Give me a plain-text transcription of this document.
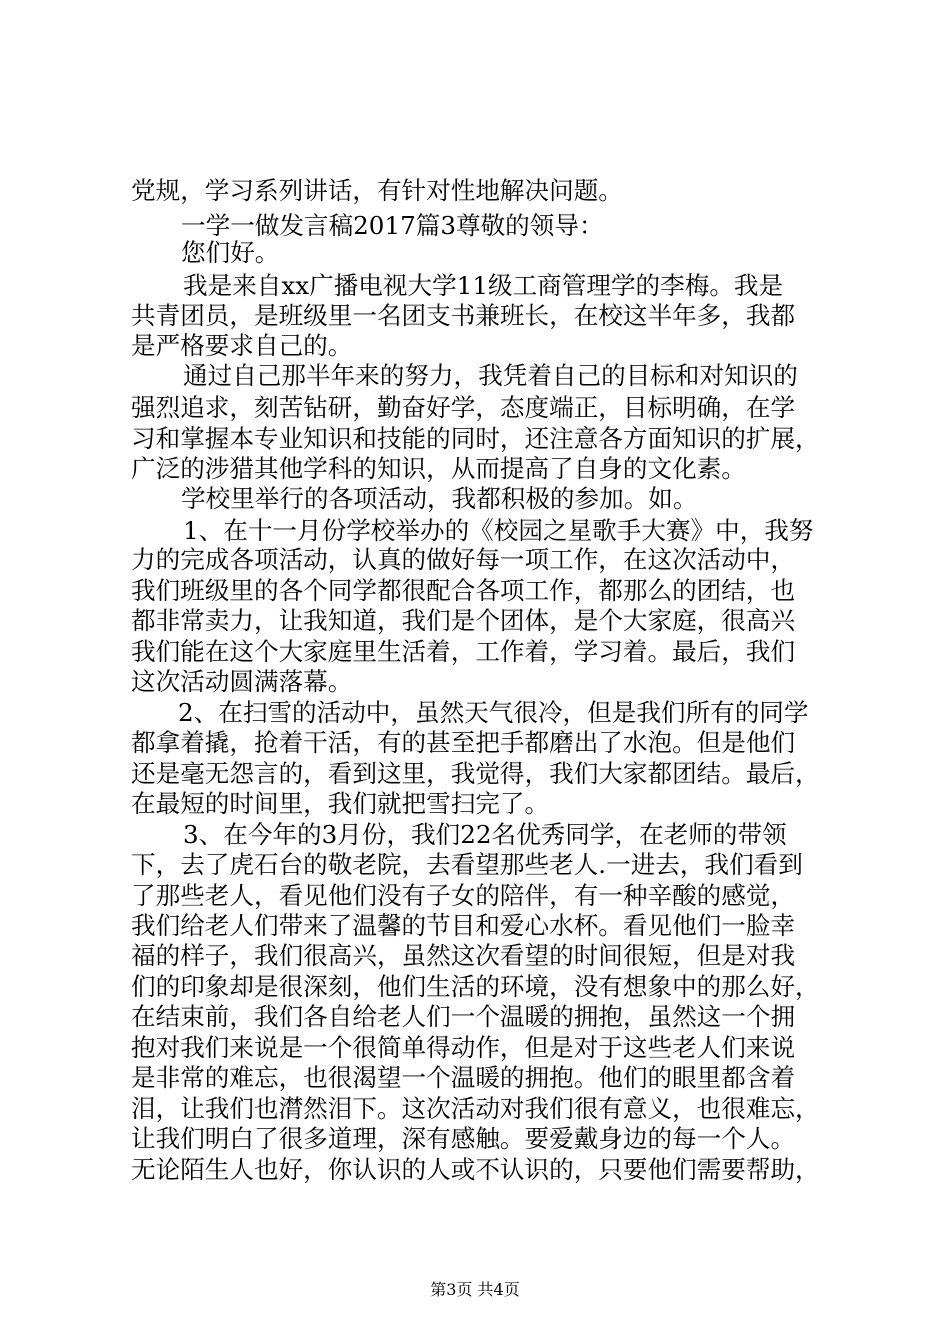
党规，学习系列讲话，有针对性地解决问题。
一学一做发言稿2017篇3尊敬的领导：
您们好。
我是来自xx广播电视大学11级工商管理学的李梅。我是
共青团员，是班级里一名团支书兼班长，在校这半年多，我都
是严格要求自己的。
通过自己那半年来的努力，我凭着自己的目标和对知识的
强烈追求，刻苦钻研，勤奋好学，态度端正，目标明确，在学
习和掌握本专业知识和技能的同时，还注意各方面知识的扩展，
广泛的涉猎其他学科的知识，从而提高了自身的文化素。
学校里举行的各项活动，我都积极的参加。如。
1、在十一月份学校举办的《校园之星歌手大赛》中，我努
力的完成各项活动，认真的做好每一项工作，在这次活动中，
我们班级里的各个同学都很配合各项工作，都那么的团结，也
都非常卖力，让我知道，我们是个团体，是个大家庭，很高兴
我们能在这个大家庭里生活着，工作着，学习着。最后，我们
这次活动圆满落幕。
2、在扫雪的活动中，虽然天气很冷，但是我们所有的同学
都拿着撬，抢着干活，有的甚至把手都磨出了水泡。但是他们
还是毫无怨言的，看到这里，我觉得，我们大家都团结。最后，
在最短的时间里，我们就把雪扫完了。
3、在今年的3月份，我们22名优秀同学，在老师的带领
下，去了虎石台的敬老院，去看望那些老人.一进去，我们看到
了那些老人，看见他们没有子女的陪伴，有一种辛酸的感觉，
我们给老人们带来了温馨的节目和爱心水杯。看见他们一脸幸
福的样子，我们很高兴，虽然这次看望的时间很短，但是对我
们的印象却是很深刻，他们生活的环境，没有想象中的那么好，
在结束前，我们各自给老人们一个温暖的拥抱，虽然这一个拥
抱对我们来说是一个很简单得动作，但是对于这些老人们来说
是非常的难忘，也很渴望一个温暖的拥抱。他们的眼里都含着
泪，让我们也潸然泪下。这次活动对我们很有意义，也很难忘，
让我们明白了很多道理，深有感触。要爱戴身边的每一个人。
无论陌生人也好，你认识的人或不认识的，只要他们需要帮助，
第3页 共4页
